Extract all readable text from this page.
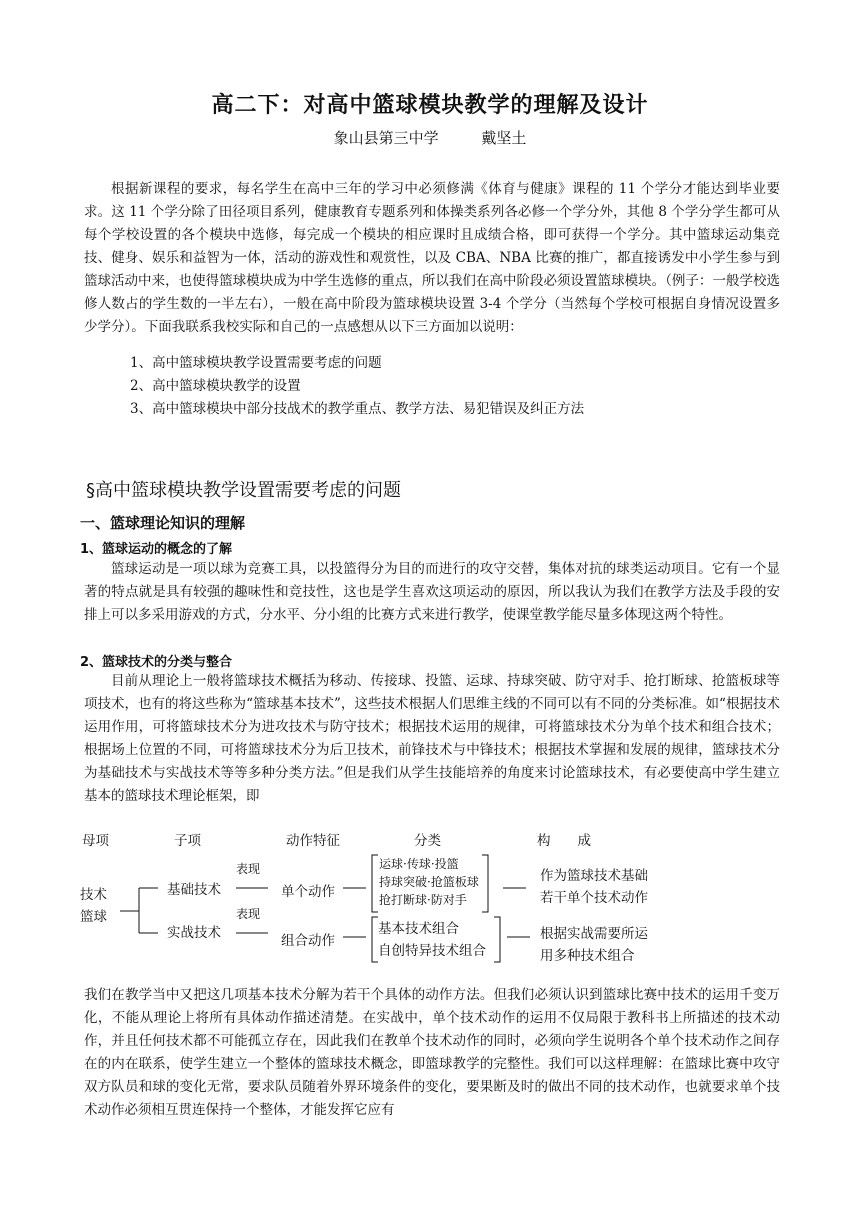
高二下：对高中篮球模块教学的理解及设计
象山县第三中学	戴坚土

根据新课程的要求，每名学生在高中三年的学习中必须修满《体育与健康》课程的 11 个学分才能达到毕业要求。这 11 个学分除了田径项目系列，健康教育专题系列和体操类系列各必修一个学分外，其他 8 个学分学生都可从每个学校设置的各个模块中选修，每完成一个模块的相应课时且成绩合格，即可获得一个学分。其中篮球运动集竞技、健身、娱乐和益智为一体，活动的游戏性和观赏性，以及 CBA、NBA 比赛的推广，都直接诱发中小学生参与到篮球活动中来，也使得篮球模块成为中学生选修的重点，所以我们在高中阶段必须设置篮球模块。（例子：一般学校选修人数占的学生数的一半左右），一般在高中阶段为篮球模块设置 3-4 个学分（当然每个学校可根据自身情况设置多少学分）。下面我联系我校实际和自己的一点感想从以下三方面加以说明：

1、高中篮球模块教学设置需要考虑的问题
2、高中篮球模块教学的设置
3、高中篮球模块中部分技战术的教学重点、教学方法、易犯错误及纠正方法
§高中篮球模块教学设置需要考虑的问题
一、篮球理论知识的理解
1、篮球运动的概念的了解

篮球运动是一项以球为竞赛工具，以投篮得分为目的而进行的攻守交替，集体对抗的球类运动项目。它有一个显著的特点就是具有较强的趣味性和竞技性，这也是学生喜欢这项运动的原因，所以我认为我们在教学方法及手段的安排上可以多采用游戏的方式，分水平、分小组的比赛方式来进行教学，使课堂教学能尽量多体现这两个特性。

2、篮球技术的分类与整合

目前从理论上一般将篮球技术概括为移动、传接球、投篮、运球、持球突破、防守对手、抢打断球、抢篮板球等项技术，也有的将这些称为“篮球基本技术”，这些技术根据人们思维主线的不同可以有不同的分类标准。如“根据技术运用作用，可将篮球技术分为进攻技术与防守技术；根据技术运用的规律，可将篮球技术分为单个技术和组合技术；根据场上位置的不同，可将篮球技术分为后卫技术，前锋技术与中锋技术；根据技术掌握和发展的规律，篮球技术分为基础技术与实战技术等等多种分类方法。”但是我们从学生技能培养的角度来讨论篮球技术，有必要使高中学生建立基本的篮球技术理论框架，即

母项	子项	动作特征	分类	构　　成
技术
篮球
基础技术
实战技术
表现
表现
单个动作
组合动作
运球·传球·投篮
持球突破·抢篮板球
抢打断球·防对手
基本技术组合
自创特异技术组合
作为篮球技术基础
若干单个技术动作
根据实战需要所运
用多种技术组合

我们在教学当中又把这几项基本技术分解为若干个具体的动作方法。但我们必须认识到篮球比赛中技术的运用千变万化，不能从理论上将所有具体动作描述清楚。在实战中，单个技术动作的运用不仅局限于教科书上所描述的技术动作，并且任何技术都不可能孤立存在，因此我们在教单个技术动作的同时，必须向学生说明各个单个技术动作之间存在的内在联系，使学生建立一个整体的篮球技术概念，即篮球教学的完整性。我们可以这样理解：在篮球比赛中攻守双方队员和球的变化无常，要求队员随着外界环境条件的变化，要果断及时的做出不同的技术动作，也就要求单个技术动作必须相互贯连保持一个整体，才能发挥它应有
